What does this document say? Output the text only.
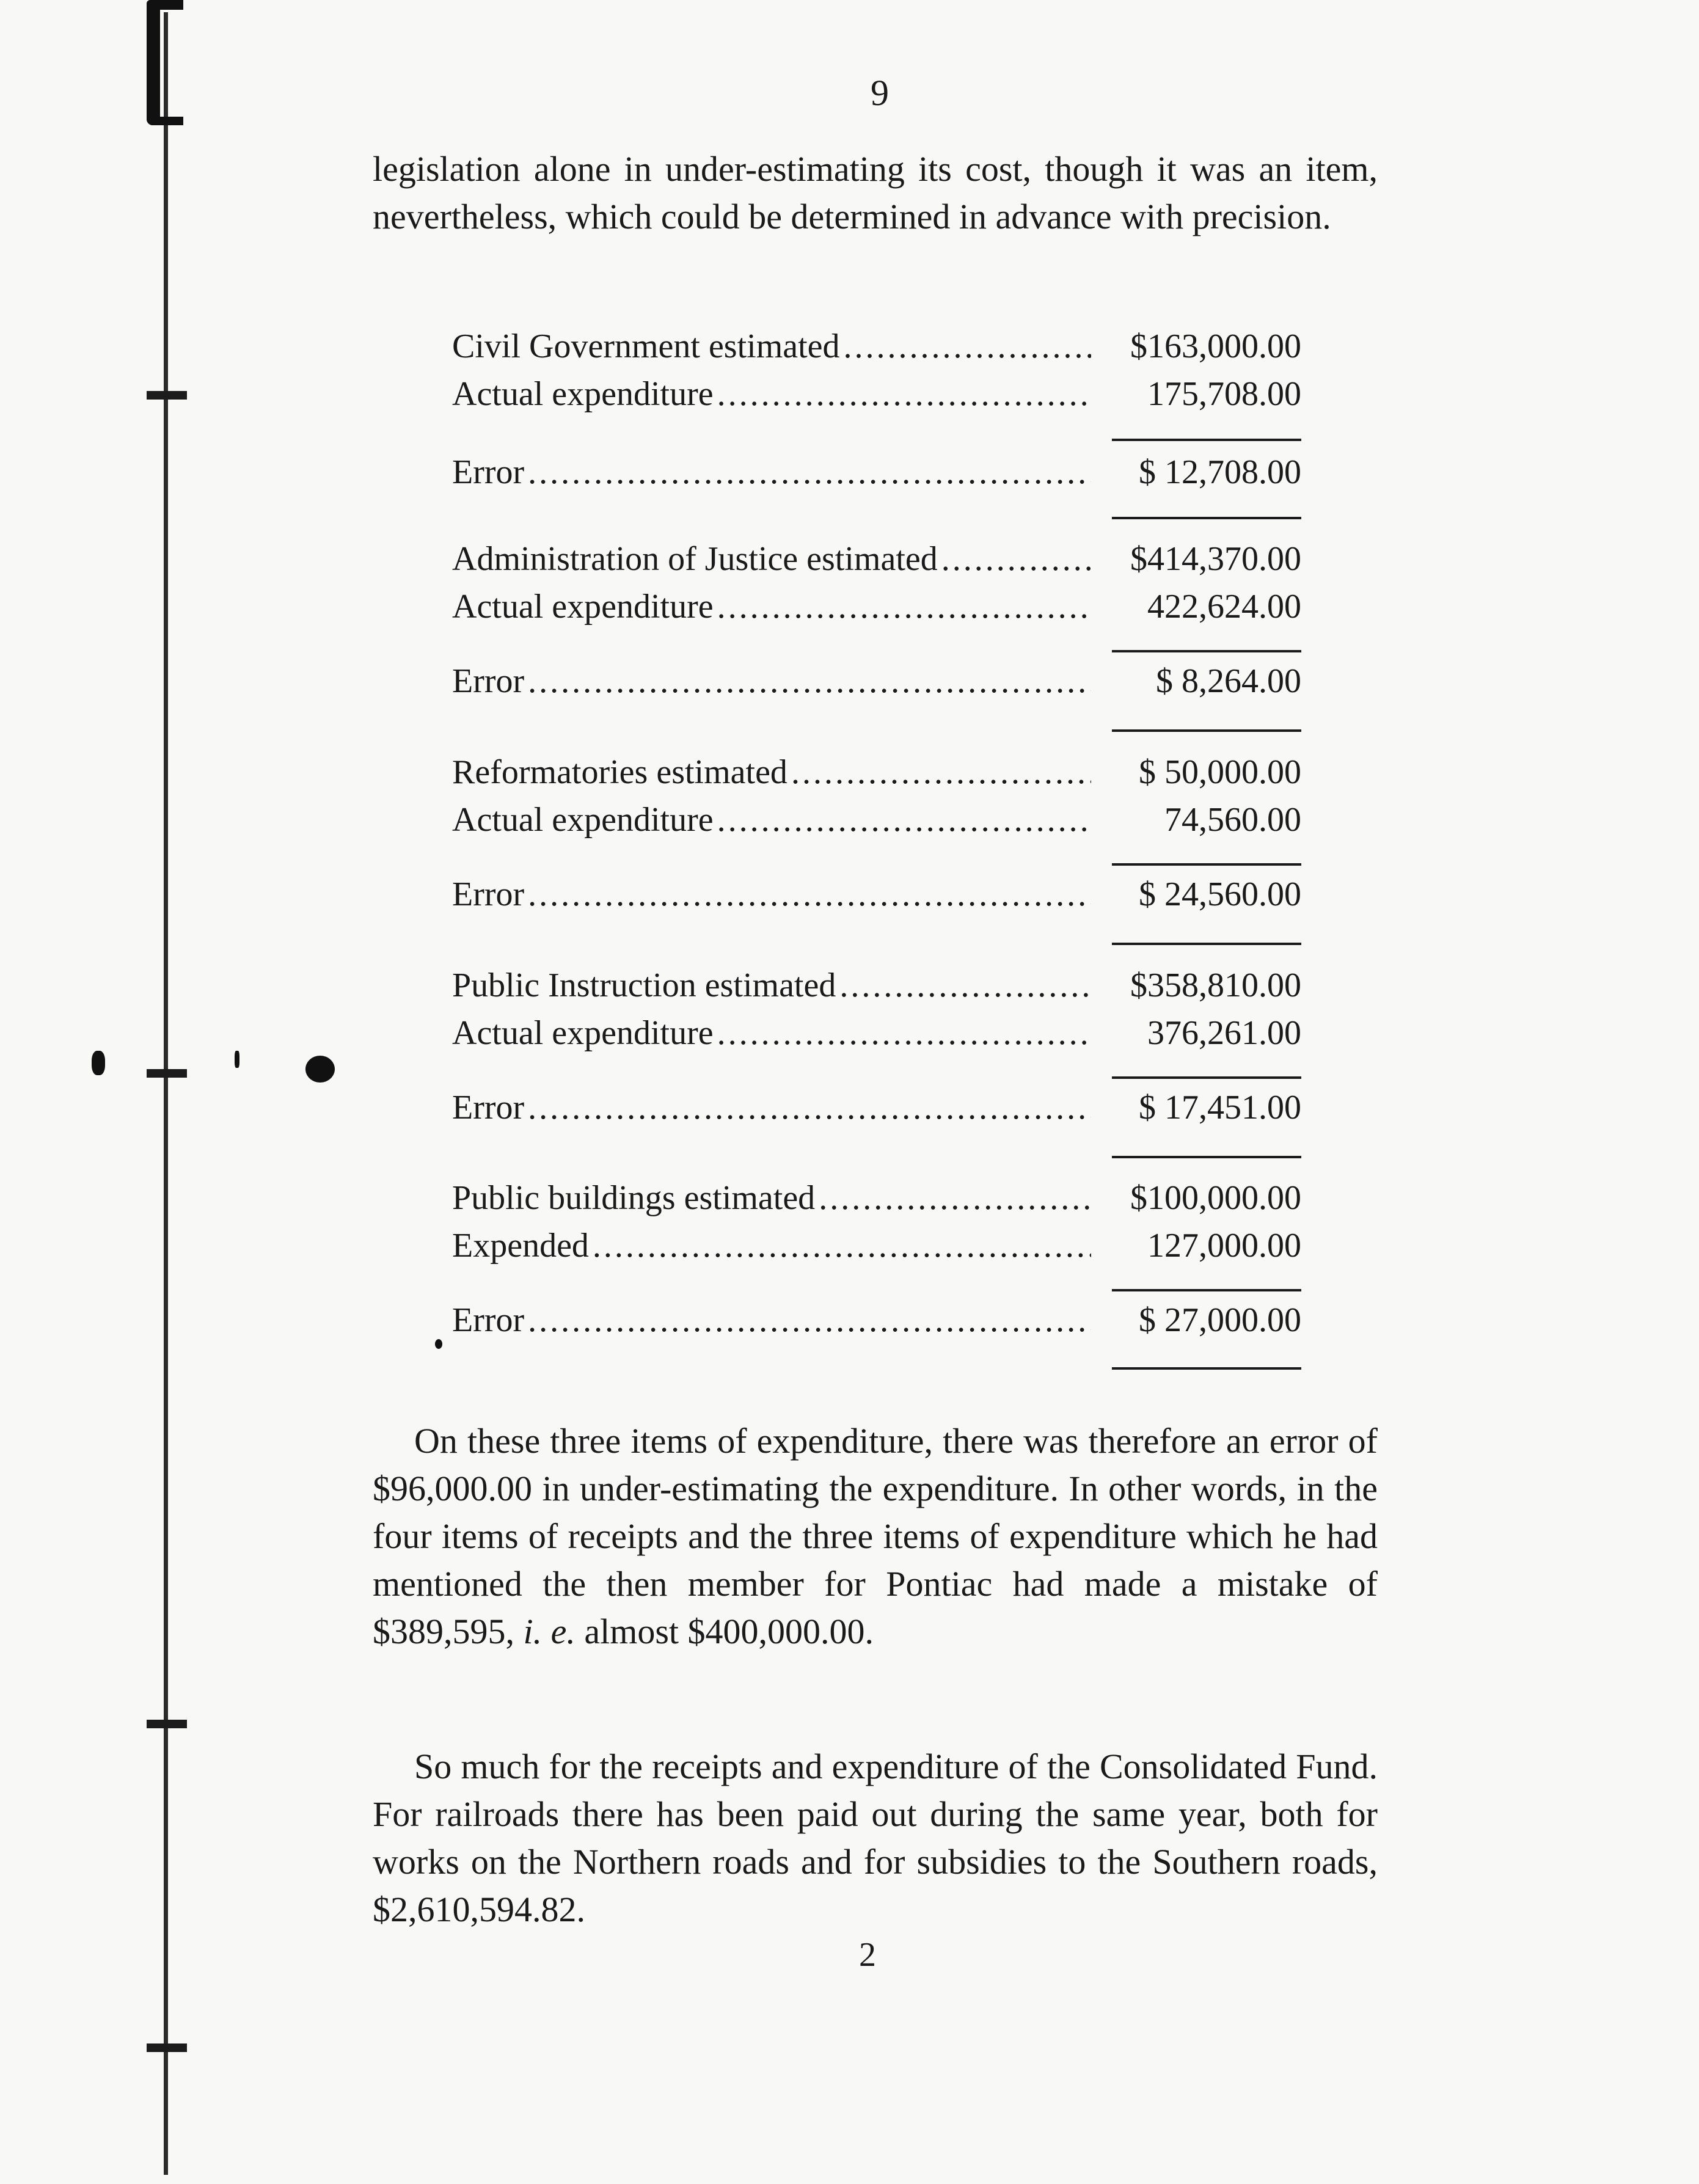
9

legislation alone in under-estimating its cost, though it was an item, nevertheless, which could be determined in advance with precision.

Civil Government estimated .....	$163,000.00
Actual expenditure .....	175,708.00
Error .....	$ 12,708.00
Administration of Justice estimated .....	$414,370.00
Actual expenditure .....	422,624.00
Error .....	$ 8,264.00
Reformatories estimated .....	$ 50,000.00
Actual expenditure .....	74,560.00
Error .....	$ 24,560.00
Public Instruction estimated .....	$358,810.00
Actual expenditure .....	376,261.00
Error .....	$ 17,451.00
Public buildings estimated .....	$100,000.00
Expended .....	127,000.00
Error .....	$ 27,000.00

On these three items of expenditure, there was therefore an error of $96,000.00 in under-estimating the expenditure. In other words, in the four items of receipts and the three items of expenditure which he had mentioned the then member for Pontiac had made a mistake of $389,595, i. e. almost $400,000.00.

So much for the receipts and expenditure of the Consolidated Fund. For railroads there has been paid out during the same year, both for works on the Northern roads and for subsidies to the Southern roads, $2,610,594.82.

2
